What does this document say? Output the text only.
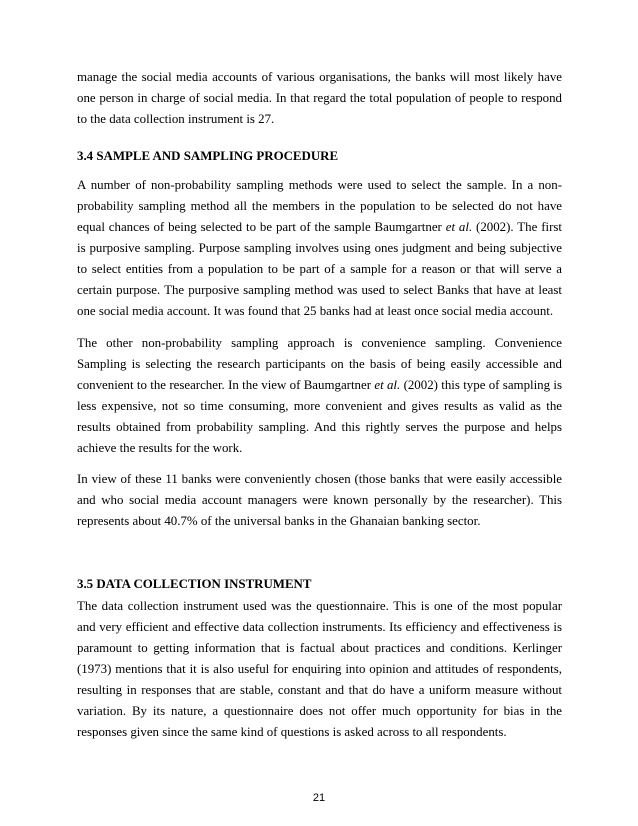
manage the social media accounts of various organisations, the banks will most likely have one person in charge of social media. In that regard the total population of people to respond to the data collection instrument is 27.

3.4 SAMPLE AND SAMPLING PROCEDURE

A number of non-probability sampling methods were used to select the sample. In a non-probability sampling method all the members in the population to be selected do not have equal chances of being selected to be part of the sample Baumgartner et al. (2002). The first is purposive sampling. Purpose sampling involves using ones judgment and being subjective to select entities from a population to be part of a sample for a reason or that will serve a certain purpose. The purposive sampling method was used to select Banks that have at least one social media account. It was found that 25 banks had at least once social media account.

The other non-probability sampling approach is convenience sampling. Convenience Sampling is selecting the research participants on the basis of being easily accessible and convenient to the researcher. In the view of Baumgartner et al. (2002) this type of sampling is less expensive, not so time consuming, more convenient and gives results as valid as the results obtained from probability sampling. And this rightly serves the purpose and helps achieve the results for the work.

In view of these 11 banks were conveniently chosen (those banks that were easily accessible and who social media account managers were known personally by the researcher). This represents about 40.7% of the universal banks in the Ghanaian banking sector.

3.5 DATA COLLECTION INSTRUMENT

The data collection instrument used was the questionnaire. This is one of the most popular and very efficient and effective data collection instruments. Its efficiency and effectiveness is paramount to getting information that is factual about practices and conditions. Kerlinger (1973) mentions that it is also useful for enquiring into opinion and attitudes of respondents, resulting in responses that are stable, constant and that do have a uniform measure without variation. By its nature, a questionnaire does not offer much opportunity for bias in the responses given since the same kind of questions is asked across to all respondents.

21
